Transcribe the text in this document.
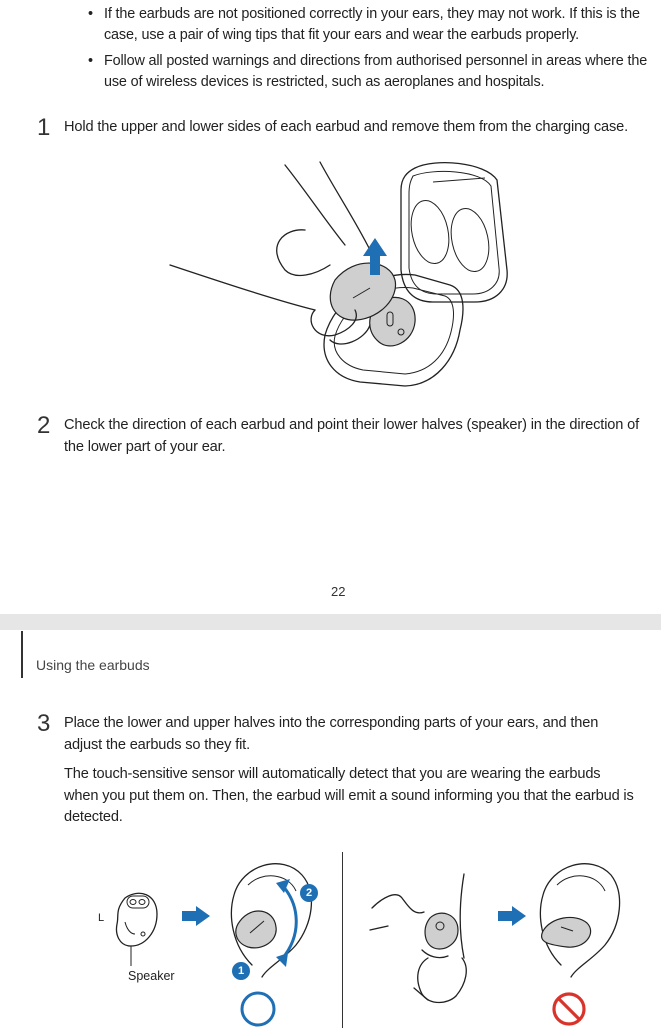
• If the earbuds are not positioned correctly in your ears, they may not work. If this is the case, use a pair of wing tips that fit your ears and wear the earbuds properly.
• Follow all posted warnings and directions from authorised personnel in areas where the use of wireless devices is restricted, such as aeroplanes and hospitals.
1 Hold the upper and lower sides of each earbud and remove them from the charging case.
2 Check the direction of each earbud and point their lower halves (speaker) in the direction of the lower part of your ear.
22
Using the earbuds
3 Place the lower and upper halves into the corresponding parts of your ears, and then adjust the earbuds so they fit.
The touch-sensitive sensor will automatically detect that you are wearing the earbuds when you put them on. Then, the earbud will emit a sound informing you that the earbud is detected.
L
Speaker	1
2
